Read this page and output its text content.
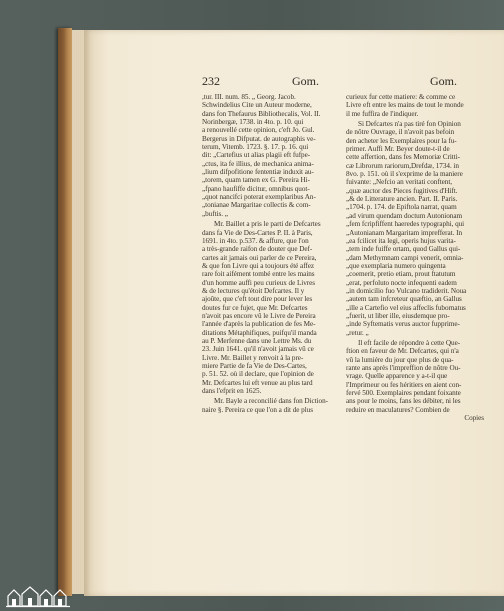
232	Gom.	Gom.

,tur. III. num. 85. „ Georg. Jacob.

Schwindelius Cite un Auteur moderne,

dans fon Thefaurus Bibliothecalis, Vol. II.

Norinbergæ, 1738. in 4to. p. 10. qui

a renouvellé cette opinion, c'eft Jo. Gul.

Bergerus in Difputat. de autographis ve-

terum, Vitemb. 1723. §. 17. p. 16. qui

dit: „Cartefius ut alias plagii eft fufpe-

„ctus, ita fe illius, de mechanica anima-

„lium difpofitione fententiæ induxit au-

„torem, quam tamen ex G. Pereira Hi-

„fpano haufiffe dicitur, omnibus quot-

„quot nancifci poterat exemplaribus An-

„tonianae Margaritae collectis & com-

„buftis. „

Mr. Baillet a pris le parti de Defcartes

dans fa Vie de Des-Cartes P. II. à Paris,

1691. in 4to. p.537. & affure, que l'on

a très-grande raifon de douter que Def-

cartes ait jamais oui parler de ce Pereira,

& que fon Livre qui a toujours été affez

rare foit aifément tombé entre les mains

d'un homme auffi peu curieux de Livres

& de lectures qu'étoit Defcartes. Il y

ajoûte, que c'eft tout dire pour lever les

doutes fur ce fujet, que Mr. Defcartes

n'avoit pas encore vû le Livre de Pereira

l'année d'après la publication de fes Me-

ditations Métaphifiques, puifqu'il manda

au P. Merfenne dans une Lettre Ms. du

23. Juin 1641. qu'il n'avoit jamais vû ce

Livre. Mr. Baillet y renvoit à la pre-

miere Partie de fa Vie de Des-Cartes,

p. 51. 52. où il declare, que l'opinion de

Mr. Defcartes lui eft venue au plus tard

dans l'efprit en 1625.

Mr. Bayle a reconcilié dans fon Diction-

naire §. Pereira ce que l'on a dit de plus

curieux fur cette matiere: & comme ce

Livre eft entre les mains de tout le monde

il me fuffira de l'indiquer.

Si Defcartes n'a pas tiré fon Opinion

de nôtre Ouvrage, il n'avoit pas befoin

den acheter les Exemplaires pour la fu-

primer. Auffi Mr. Beyer doute-t-il de

cette affertion, dans fes Memoriæ Critti-

cæ Librorum rariorum,Drefdæ, 1734. in

8vo. p. 151. où il s'exprime de la maniere

fuivante: „Nefcio an veritati conftent,

„quæ auctor des Pieces fugitives d'Hift.

„& de Litterature ancien. Part. II. Paris.

„1704. p. 174. de Epiftola narrat, quam

„ad virum quendam doctum Autonionam

„fem fcripfiffent haeredes typographi, qui

„Autonianam Margaritam imprefferat. In

„ea fcilicet ita legi, operis hujus varita-

„tem inde fuiffe ortam, quod Gallus qui-

„dam Methymnam campi venerit, omnia-

„que exemplaria numero quingenta

„coemerit, pretio etiam, prout ftatutum

„erat, perfoluto nocte infequenti eadem

„in domicilio fuo Vulcano tradiderit. Noua

„autem tam infcreteur quæftio, an Gallus

„ille a Cartefio vel eius affeclis fubornatus

„fuerit, ut liber ille, eiusdemque pro-

„inde Syftematis verus auctor fupprime-

„retur. „

Il eft facile de répondre à cette Que-

ftion en faveur de Mr. Defcartes, qui n'a

vû la lumiére du jour que plus de qua-

rante ans après l'impreffion de nôtre Ou-

vrage. Quelle apparence y a-t-il que

l'Imprimeur ou fes héritiers en aient con-

fervé 500. Exemplaires pendant foixante

ans pour le moins, fans les débiter, ni les

reduire en maculatures? Combien de

Copies
